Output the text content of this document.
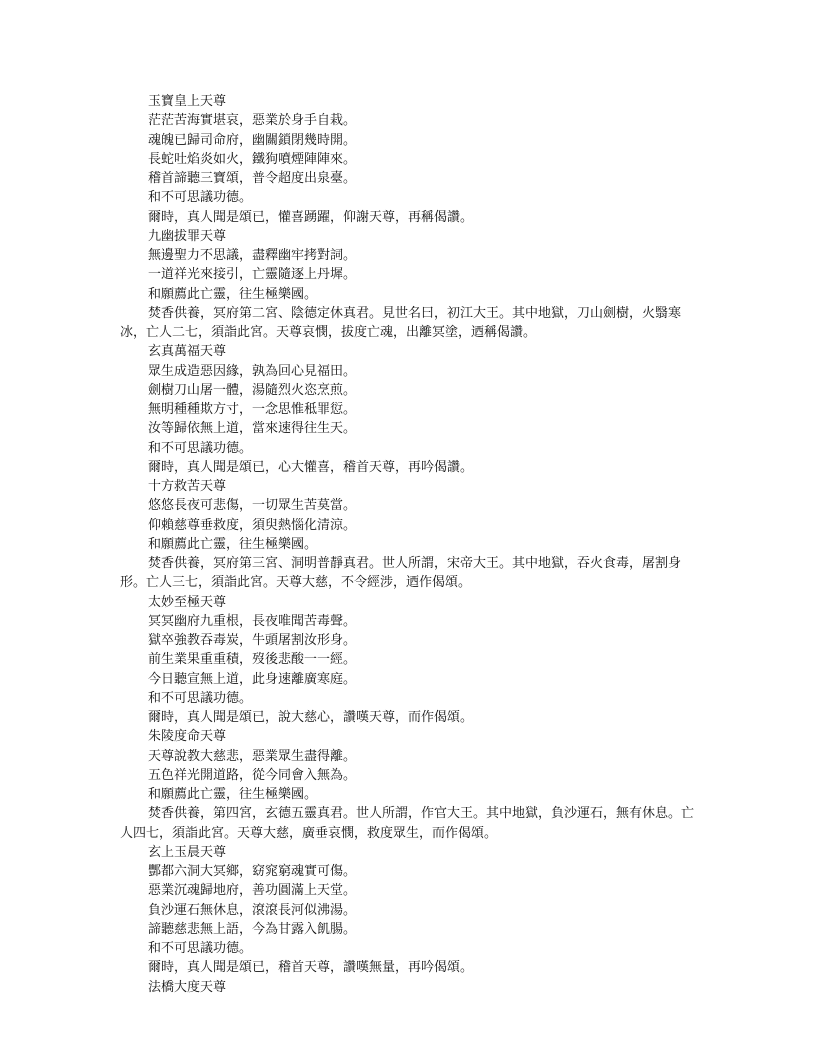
玉寶皇上天尊
茫茫苦海實堪哀，惡業於身手自栽。
魂魄已歸司命府，幽關鎖閉幾時開。
長蛇吐焰炎如火，鐵狗噴煙陣陣來。
稽首諦聽三寶頌，普令超度出泉臺。
和不可思議功德。
爾時，真人聞是頌已，懽喜踴躍，仰謝天尊，再稱偈讚。
九幽拔罪天尊
無邊聖力不思議，盡釋幽牢拷對詞。
一道祥光來接引，亡靈隨逐上丹墀。
和願薦此亡靈，往生極樂國。
焚香供養，冥府第二宮、陰德定休真君。見世名曰，初江大王。其中地獄，刀山劍樹，火翳寒冰，亡人二七，須詣此宮。天尊哀憫，拔度亡魂，出離冥塗，迺稱偈讚。
玄真萬福天尊
眾生成造惡因緣，孰為回心見福田。
劍樹刀山屠一體，湯隨烈火恣烹煎。
無明種種欺方寸，一念思惟秪罪愆。
汝等歸依無上道，當來速得往生天。
和不可思議功德。
爾時，真人聞是頌已，心大懽喜，稽首天尊，再吟偈讚。
十方救苦天尊
悠悠長夜可悲傷，一切眾生苦莫當。
仰賴慈尊垂救度，須臾熱惱化清涼。
和願薦此亡靈，往生極樂國。
焚香供養，冥府第三宮、洞明普靜真君。世人所謂，宋帝大王。其中地獄，吞火食毒，屠割身形。亡人三七，須詣此宮。天尊大慈，不令經涉，迺作偈頌。
太妙至極天尊
冥冥幽府九重根，長夜唯聞苦毒聲。
獄卒強教吞毒炭，牛頭屠割汝形身。
前生業果重重積，歿後悲酸一一經。
今日聽宣無上道，此身速離廣寒庭。
和不可思議功德。
爾時，真人聞是頌已，說大慈心，讚嘆天尊，而作偈頌。
朱陵度命天尊
天尊說教大慈悲，惡業眾生盡得離。
五色祥光開道路，從今同會入無為。
和願薦此亡靈，往生極樂國。
焚香供養，第四宮，玄德五靈真君。世人所謂，作官大王。其中地獄，負沙運石，無有休息。亡人四七，須詣此宮。天尊大慈，廣垂哀憫，救度眾生，而作偈頌。
玄上玉晨天尊
酆都六洞大冥鄉，窈窕窮魂實可傷。
惡業沉魂歸地府，善功圓滿上天堂。
負沙運石無休息，滾滾長河似沸湯。
諦聽慈悲無上語，今為甘露入飢腸。
和不可思議功德。
爾時，真人聞是頌已，稽首天尊，讚嘆無量，再吟偈頌。
法橋大度天尊
